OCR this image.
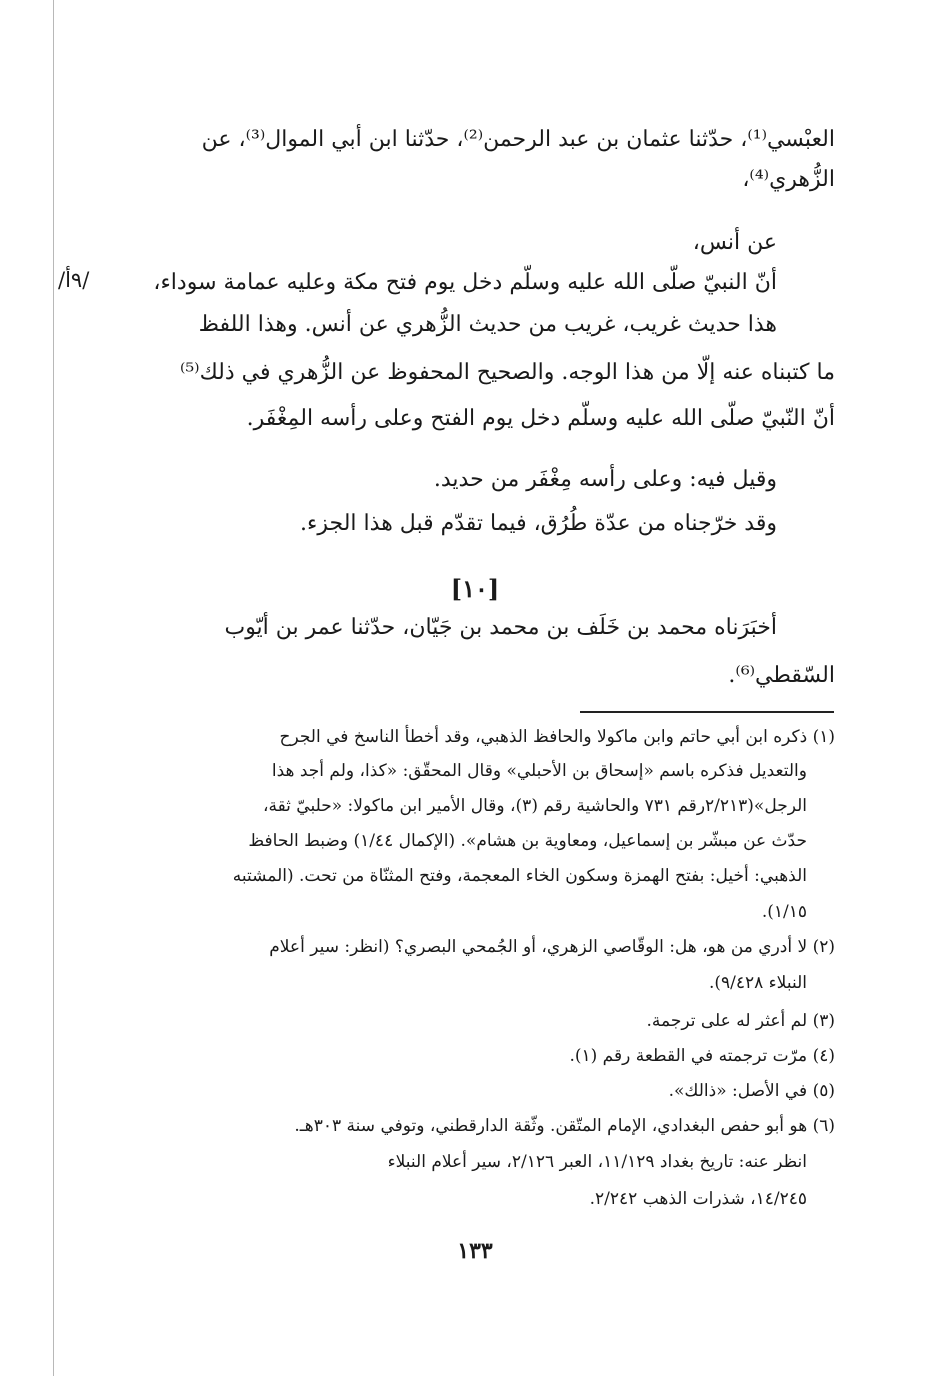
العبْسي⁽¹⁾، حدّثنا عثمان بن عبد الرحمن⁽²⁾، حدّثنا ابن أبي الموال⁽³⁾، عن
الزُّهري⁽⁴⁾،
عن أنس،
أنّ النبيّ صلّى الله عليه وسلّم دخل يوم فتح مكة وعليه عمامة سوداء،
/٩أ/
هذا حديث غريب، غريب من حديث الزُّهري عن أنس. وهذا اللفظ
ما كتبناه عنه إلّا من هذا الوجه. والصحيح المحفوظ عن الزُّهري في ذلك⁽⁵⁾
أنّ النّبيّ صلّى الله عليه وسلّم دخل يوم الفتح وعلى رأسه المِغْفَر.
وقيل فيه: وعلى رأسه مِغْفَر من حديد.
وقد خرّجناه من عدّة طُرُق، فيما تقدّم قبل هذا الجزء.
[١٠]
أخبَرَناه محمد بن خَلَف بن محمد بن جَيّان، حدّثنا عمر بن أيّوب
السّقطي⁽⁶⁾.
(١) ذكره ابن أبي حاتم وابن ماكولا والحافظ الذهبي، وقد أخطأ الناسخ في الجرح
والتعديل فذكره باسم «إسحاق بن الأحبلي» وقال المحقّق: «كذا، ولم أجد هذا
الرجل»(٢/٢١٣رقم ٧٣١ والحاشية رقم (٣)، وقال الأمير ابن ماكولا: «حلبيّ ثقة،
حدّث عن مبشّر بن إسماعيل، ومعاوية بن هشام». (الإكمال ١/٤٤) وضبط الحافظ
الذهبي: أخيل: بفتح الهمزة وسكون الخاء المعجمة، وفتح المثنّاة من تحت. (المشتبه
١/١٥).
(٢) لا أدري من هو، هل: الوقّاصي الزهري، أو الجُمحي البصري؟ (انظر: سير أعلام
النبلاء ٩/٤٢٨).
(٣) لم أعثر له على ترجمة.
(٤) مرّت ترجمته في القطعة رقم (١).
(٥) في الأصل: «ذالك».
(٦) هو أبو حفص البغدادي، الإمام المتّقن. وثّقة الدارقطني، وتوفي سنة ٣٠٣هـ.
انظر عنه: تاريخ بغداد ١١/١٢٩، العبر ٢/١٢٦، سير أعلام النبلاء
١٤/٢٤٥، شذرات الذهب ٢/٢٤٢.
١٣٣
